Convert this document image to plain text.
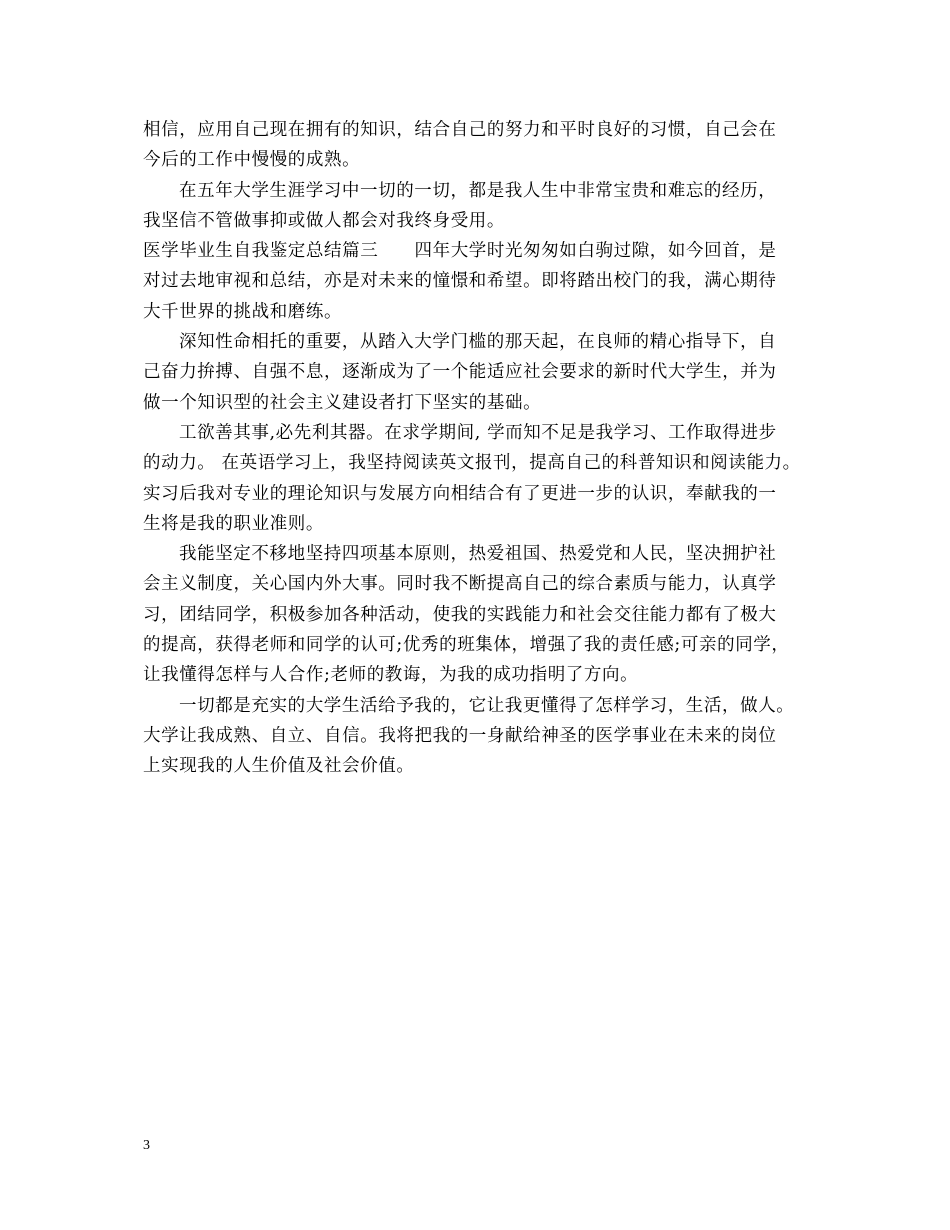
相信，应用自己现在拥有的知识，结合自己的努力和平时良好的习惯，自己会在
今后的工作中慢慢的成熟。
在五年大学生涯学习中一切的一切，都是我人生中非常宝贵和难忘的经历，
我坚信不管做事抑或做人都会对我终身受用。
医学毕业生自我鉴定总结篇三　　四年大学时光匆匆如白驹过隙，如今回首，是
对过去地审视和总结，亦是对未来的憧憬和希望。即将踏出校门的我，满心期待
大千世界的挑战和磨练。
深知性命相托的重要，从踏入大学门槛的那天起，在良师的精心指导下，自
己奋力拚搏、自强不息，逐渐成为了一个能适应社会要求的新时代大学生，并为
做一个知识型的社会主义建设者打下坚实的基础。
工欲善其事,必先利其器。在求学期间, 学而知不足是我学习、工作取得进步
的动力。 在英语学习上，我坚持阅读英文报刊，提高自己的科普知识和阅读能力。
实习后我对专业的理论知识与发展方向相结合有了更进一步的认识，奉献我的一
生将是我的职业准则。
我能坚定不移地坚持四项基本原则，热爱祖国、热爱党和人民，坚决拥护社
会主义制度，关心国内外大事。同时我不断提高自己的综合素质与能力，认真学
习，团结同学，积极参加各种活动，使我的实践能力和社会交往能力都有了极大
的提高，获得老师和同学的认可;优秀的班集体，增强了我的责任感;可亲的同学，
让我懂得怎样与人合作;老师的教诲，为我的成功指明了方向。
一切都是充实的大学生活给予我的，它让我更懂得了怎样学习，生活，做人。
大学让我成熟、自立、自信。我将把我的一身献给神圣的医学事业在未来的岗位
上实现我的人生价值及社会价值。
3
